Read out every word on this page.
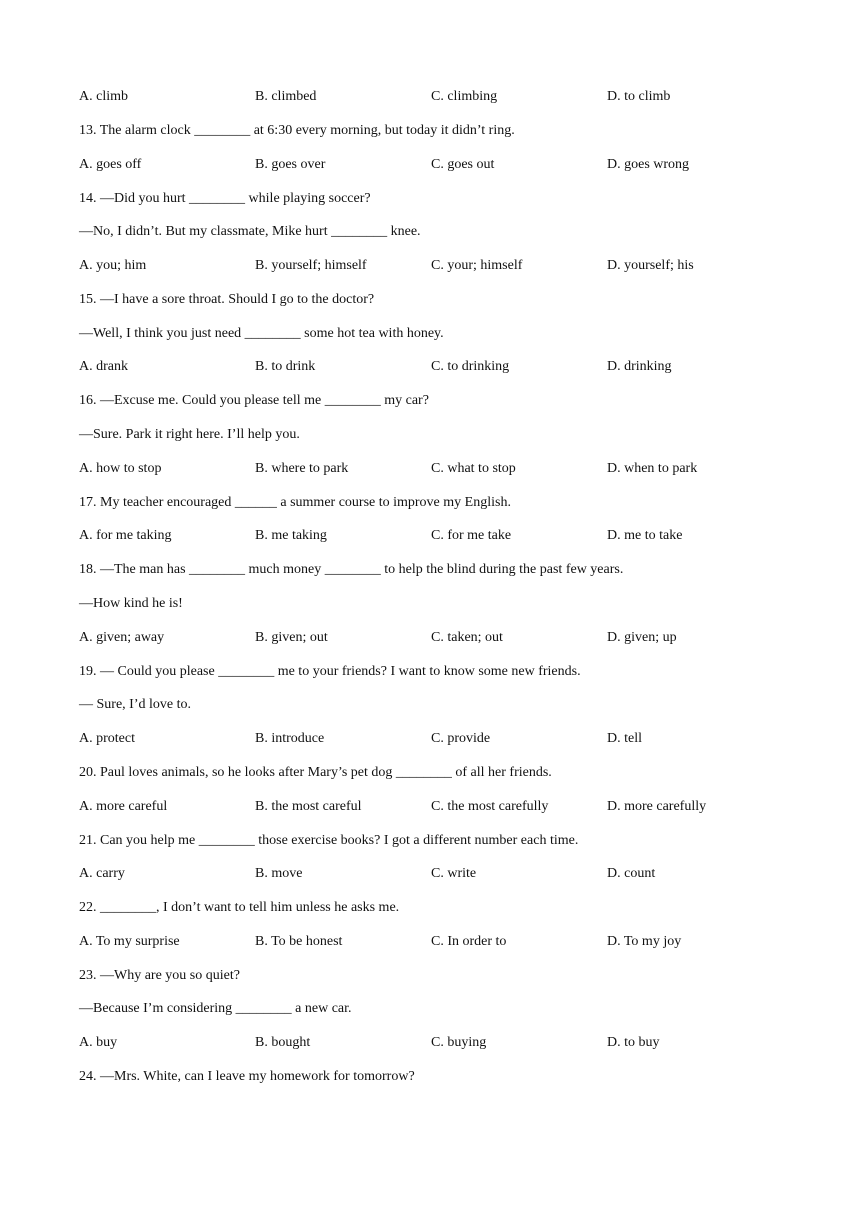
A. climb	B. climbed	C. climbing	D. to climb
13. The alarm clock ________ at 6:30 every morning, but today it didn’t ring.
A. goes off	B. goes over	C. goes out	D. goes wrong
14. —Did you hurt ________ while playing soccer?
—No, I didn’t. But my classmate, Mike hurt ________ knee.
A. you; him	B. yourself; himself	C. your; himself	D. yourself; his
15. —I have a sore throat. Should I go to the doctor?
—Well, I think you just need ________ some hot tea with honey.
A. drank	B. to drink	C. to drinking	D. drinking
16. —Excuse me. Could you please tell me ________ my car?
—Sure. Park it right here. I’ll help you.
A. how to stop	B. where to park	C. what to stop	D. when to park
17. My teacher encouraged ______ a summer course to improve my English.
A. for me taking	B. me taking	C. for me take	D. me to take
18. —The man has ________ much money ________ to help the blind during the past few years.
—How kind he is!
A. given; away	B. given; out	C. taken; out	D. given; up
19. — Could you please ________ me to your friends? I want to know some new friends.
— Sure, I’d love to.
A. protect	B. introduce	C. provide	D. tell
20. Paul loves animals, so he looks after Mary’s pet dog ________ of all her friends.
A. more careful	B. the most careful	C. the most carefully	D. more carefully
21. Can you help me ________ those exercise books? I got a different number each time.
A. carry	B. move	C. write	D. count
22. ________, I don’t want to tell him unless he asks me.
A. To my surprise	B. To be honest	C. In order to	D. To my joy
23. —Why are you so quiet?
—Because I’m considering ________ a new car.
A. buy	B. bought	C. buying	D. to buy
24. —Mrs. White, can I leave my homework for tomorrow?
